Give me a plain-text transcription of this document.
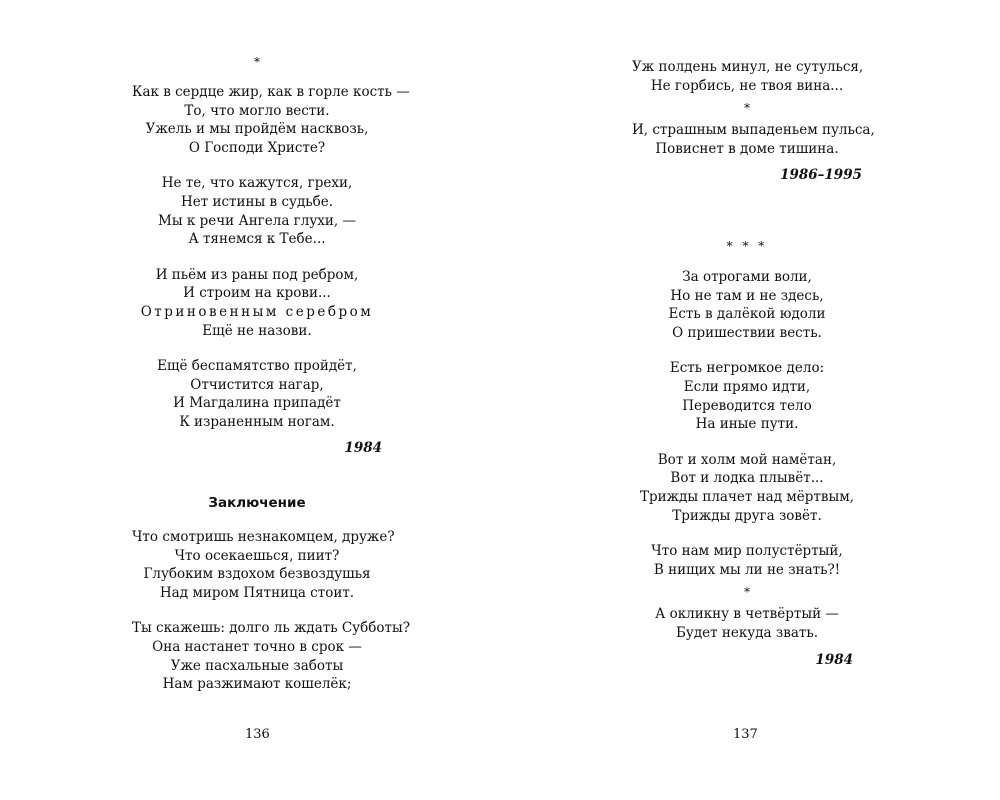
*
Как в сердце жир, как в горле кость —
То, что могло вести.
Ужель и мы пройдём насквозь,
О Господи Христе?
Не те, что кажутся, грехи,
Нет истины в судьбе.
Мы к речи Ангела глухи, —
А тянемся к Тебе...
И пьём из раны под ребром,
И строим на крови...
Отриновенным серебром
Ещё не назови.
Ещё беспамятство пройдёт,
Отчистится нагар,
И Магдалина припадёт
К израненным ногам.
1984
Заключение
Что смотришь незнакомцем, друже?
Что осекаешься, пиит?
Глубоким вздохом безвоздушья
Над миром Пятница стоит.
Ты скажешь: долго ль ждать Субботы?
Она настанет точно в срок —
Уже пасхальные заботы
Нам разжимают кошелёк;
136
Уж полдень минул, не сутулься,
Не горбись, не твоя вина...
*
И, страшным выпаденьем пульса,
Повиснет в доме тишина.
1986–1995
* * *
За отрогами воли,
Но не там и не здесь,
Есть в далёкой юдоли
О пришествии весть.
Есть негромкое дело:
Если прямо идти,
Переводится тело
На иные пути.
Вот и холм мой намётан,
Вот и лодка плывёт...
Трижды плачет над мёртвым,
Трижды друга зовёт.
Что нам мир полустёртый,
В нищих мы ли не знать?!
*
А окликну в четвёртый —
Будет некуда звать.
1984
137
